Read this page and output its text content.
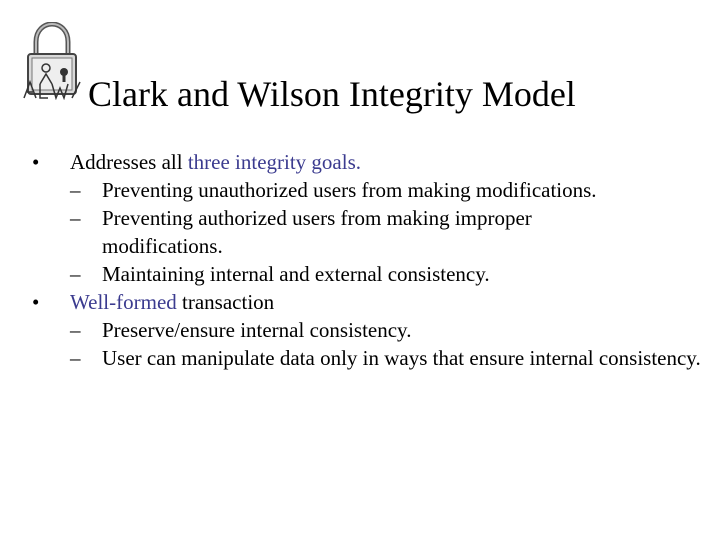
Clark and Wilson Integrity Model
•	Addresses all three integrity goals.
– Preventing unauthorized users from making modifications.
– Preventing authorized users from making improper modifications.
– Maintaining internal and external consistency.
•	Well-formed transaction
– Preserve/ensure internal consistency.
– User can manipulate data only in ways that ensure internal consistency.
